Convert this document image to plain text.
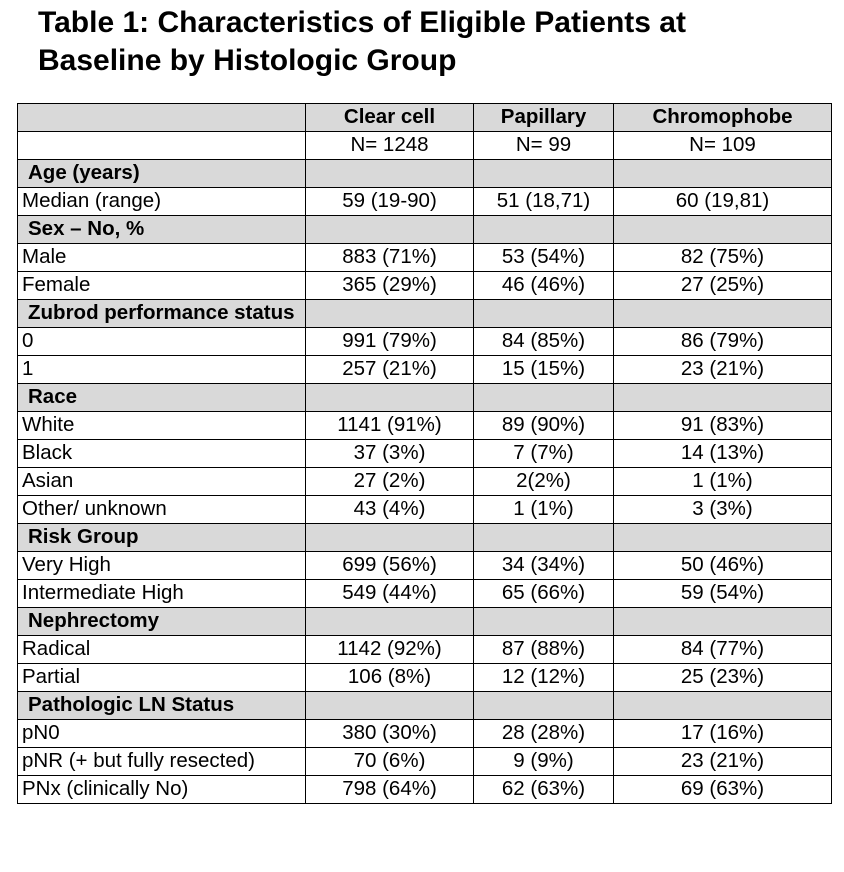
Table 1: Characteristics of Eligible Patients at
Baseline by Histologic Group
	Clear cell	Papillary	Chromophobe
	N= 1248	N= 99	N= 109
Age (years)			
Median (range)	59 (19-90)	51 (18,71)	60 (19,81)
Sex – No, %			
Male	883 (71%)	53 (54%)	82 (75%)
Female	365 (29%)	46 (46%)	27 (25%)
Zubrod performance status			
0	991 (79%)	84 (85%)	86 (79%)
1	257 (21%)	15 (15%)	23 (21%)
Race			
White	1141 (91%)	89 (90%)	91 (83%)
Black	37 (3%)	7 (7%)	14 (13%)
Asian	27 (2%)	2(2%)	1 (1%)
Other/ unknown	43 (4%)	1 (1%)	3 (3%)
Risk Group			
Very High	699 (56%)	34 (34%)	50 (46%)
Intermediate High	549 (44%)	65 (66%)	59 (54%)
Nephrectomy			
Radical	1142 (92%)	87 (88%)	84 (77%)
Partial	106 (8%)	12 (12%)	25 (23%)
Pathologic LN Status			
pN0	380 (30%)	28 (28%)	17 (16%)
pNR (+ but fully resected)	70 (6%)	9 (9%)	23 (21%)
PNx (clinically No)	798 (64%)	62 (63%)	69 (63%)
